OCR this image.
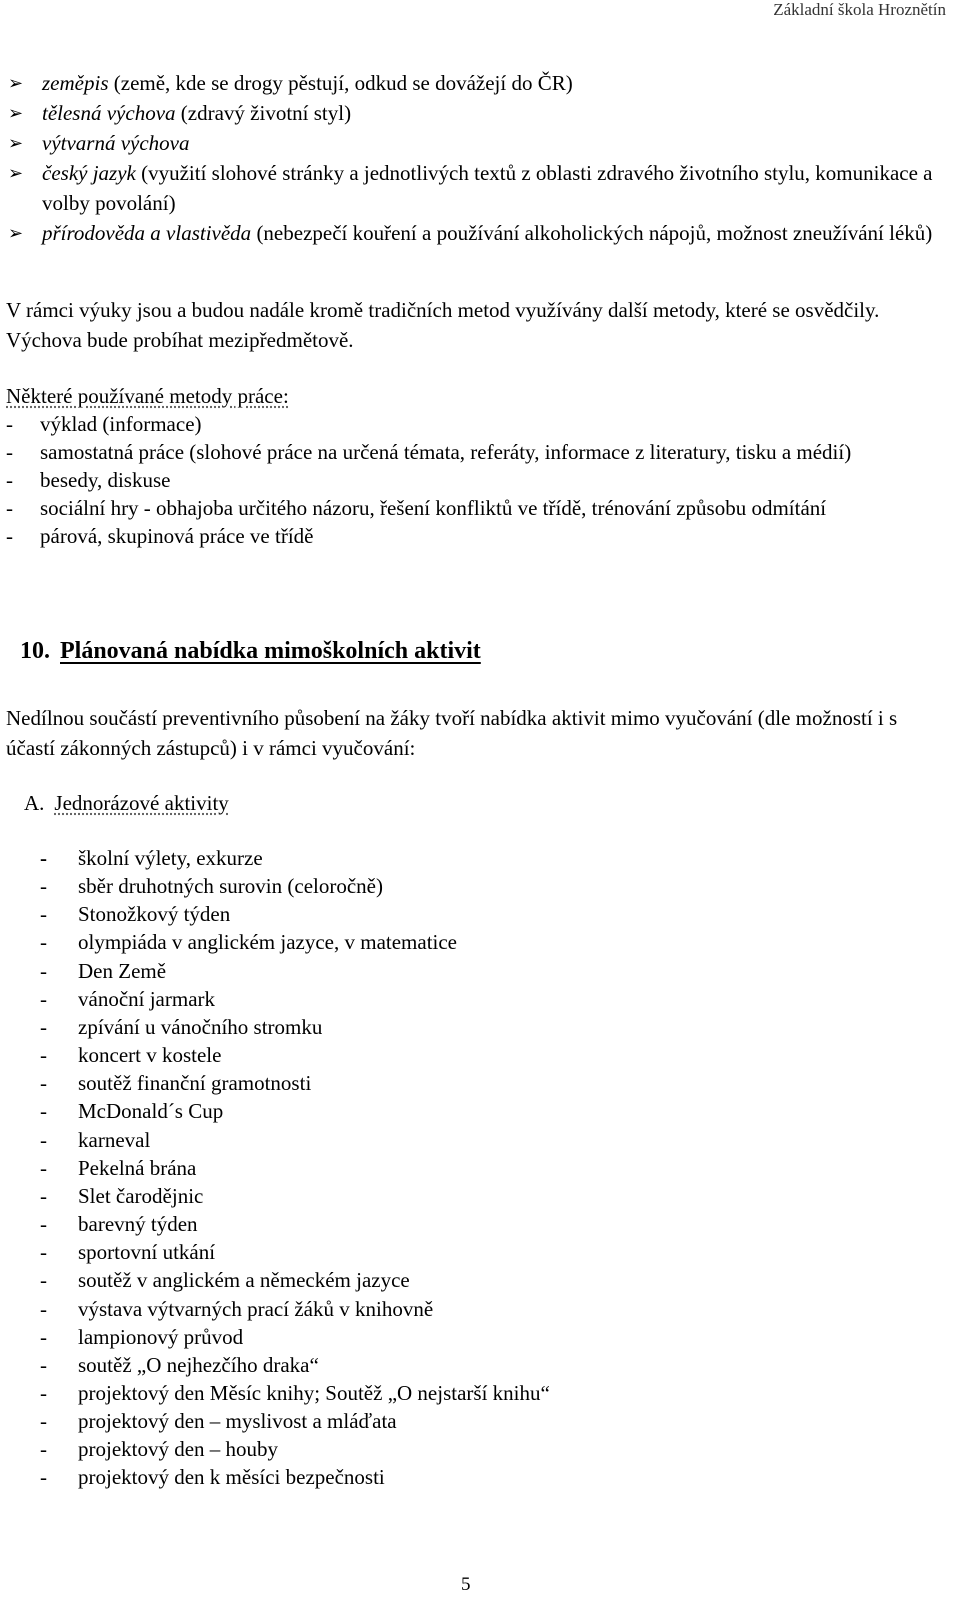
Základní škola Hroznětín
➢ zeměpis (země, kde se drogy pěstují, odkud se dovážejí do ČR)
➢ tělesná výchova (zdravý životní styl)
➢ výtvarná výchova
➢ český jazyk (využití slohové stránky a jednotlivých textů z oblasti zdravého životního stylu, komunikace a volby povolání)
➢ přírodověda a vlastivěda (nebezpečí kouření a používání alkoholických nápojů, možnost zneužívání léků)

V rámci výuky jsou a budou nadále kromě tradičních metod využívány další metody, které se osvědčily. Výchova bude probíhat mezipředmětově.

Některé používané metody práce:

-	výklad (informace)
-	samostatná práce (slohové práce na určená témata, referáty, informace z literatury, tisku a médií)
-	besedy, diskuse
-	sociální hry - obhajoba určitého názoru, řešení konfliktů ve třídě, trénování způsobu odmítání
-	párová, skupinová práce ve třídě
10. Plánovaná nabídka mimoškolních aktivit

Nedílnou součástí preventivního působení na žáky tvoří nabídka aktivit mimo vyučování (dle možností i s účastí zákonných zástupců) i v rámci vyučování:

A. Jednorázové aktivity
-	školní výlety, exkurze
-	sběr druhotných surovin (celoročně)
-	Stonožkový týden
-	olympiáda v anglickém jazyce, v matematice
-	Den Země
-	vánoční jarmark
-	zpívání u vánočního stromku
-	koncert v kostele
-	soutěž finanční gramotnosti
-	McDonald´s Cup
-	karneval
-	Pekelná brána
-	Slet čarodějnic
-	barevný týden
-	sportovní utkání
-	soutěž v anglickém a německém jazyce
-	výstava výtvarných prací žáků v knihovně
-	lampionový průvod
-	soutěž „O nejhezčího draka“
-	projektový den Měsíc knihy; Soutěž „O nejstarší knihu“
-	projektový den – myslivost a mláďata
-	projektový den – houby
-	projektový den k měsíci bezpečnosti
5
